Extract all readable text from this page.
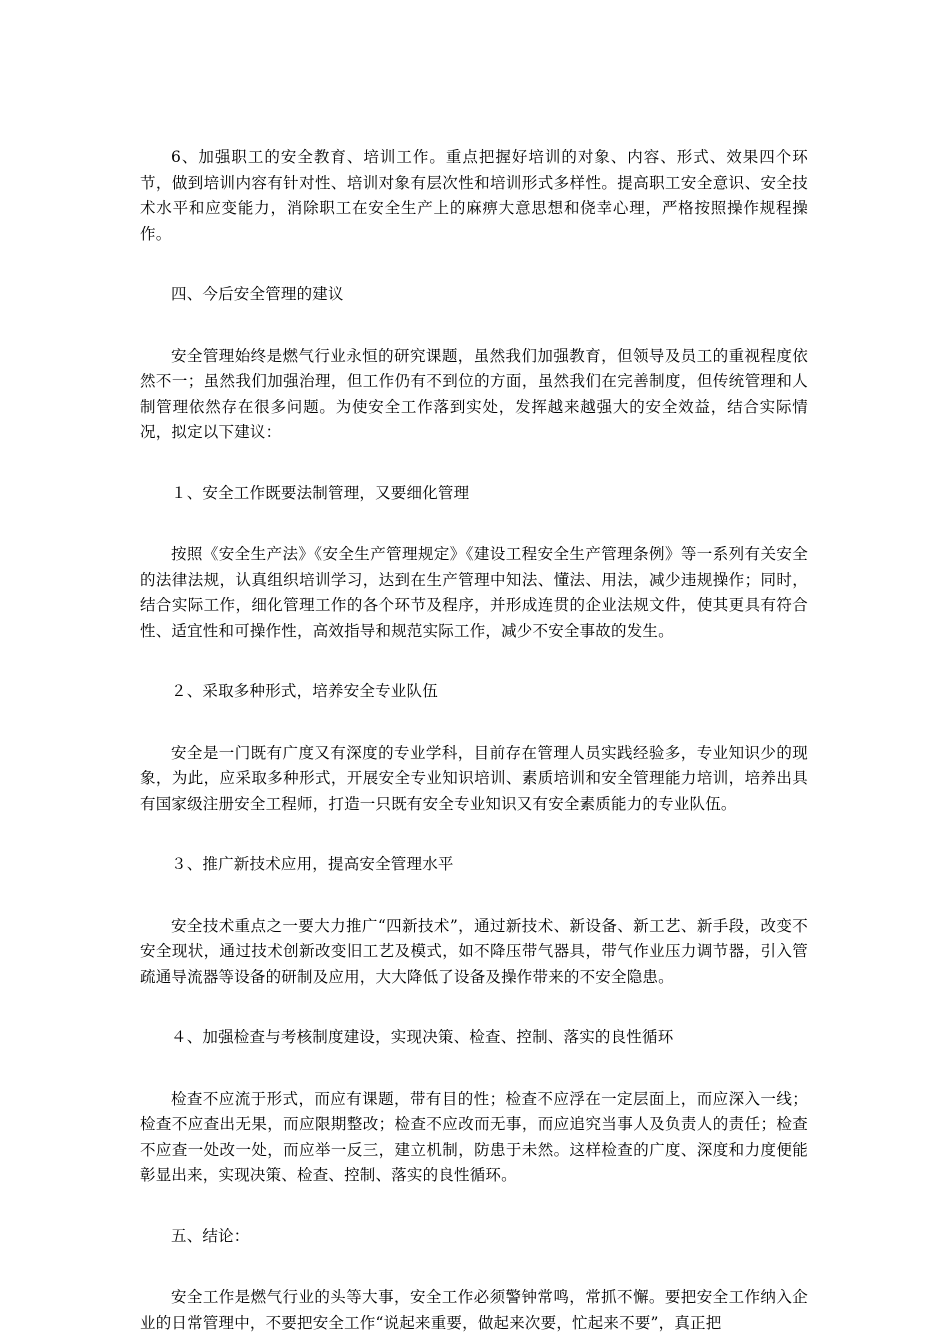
6、加强职工的安全教育、培训工作。重点把握好培训的对象、内容、形式、效果四个环节，做到培训内容有针对性、培训对象有层次性和培训形式多样性。提高职工安全意识、安全技术水平和应变能力，消除职工在安全生产上的麻痹大意思想和侥幸心理，严格按照操作规程操作。

四、今后安全管理的建议

安全管理始终是燃气行业永恒的研究课题，虽然我们加强教育，但领导及员工的重视程度依然不一；虽然我们加强治理，但工作仍有不到位的方面，虽然我们在完善制度，但传统管理和人制管理依然存在很多问题。为使安全工作落到实处，发挥越来越强大的安全效益，结合实际情况，拟定以下建议：

１、安全工作既要法制管理，又要细化管理

按照《安全生产法》《安全生产管理规定》《建设工程安全生产管理条例》等一系列有关安全的法律法规，认真组织培训学习，达到在生产管理中知法、懂法、用法，减少违规操作；同时，结合实际工作，细化管理工作的各个环节及程序，并形成连贯的企业法规文件，使其更具有符合性、适宜性和可操作性，高效指导和规范实际工作，减少不安全事故的发生。

２、采取多种形式，培养安全专业队伍

安全是一门既有广度又有深度的专业学科，目前存在管理人员实践经验多，专业知识少的现象，为此，应采取多种形式，开展安全专业知识培训、素质培训和安全管理能力培训，培养出具有国家级注册安全工程师，打造一只既有安全专业知识又有安全素质能力的专业队伍。

３、推广新技术应用，提高安全管理水平

安全技术重点之一要大力推广“四新技术”，通过新技术、新设备、新工艺、新手段，改变不安全现状，通过技术创新改变旧工艺及模式，如不降压带气器具，带气作业压力调节器，引入管疏通导流器等设备的研制及应用，大大降低了设备及操作带来的不安全隐患。

４、加强检查与考核制度建设，实现决策、检查、控制、落实的良性循环

检查不应流于形式，而应有课题，带有目的性；检查不应浮在一定层面上，而应深入一线；检查不应查出无果，而应限期整改；检查不应改而无事，而应追究当事人及负责人的责任；检查不应查一处改一处，而应举一反三，建立机制，防患于未然。这样检查的广度、深度和力度便能彰显出来，实现决策、检查、控制、落实的良性循环。

五、结论：

安全工作是燃气行业的头等大事，安全工作必须警钟常鸣，常抓不懈。要把安全工作纳入企业的日常管理中，不要把安全工作“说起来重要，做起来次要，忙起来不要”，真正把
